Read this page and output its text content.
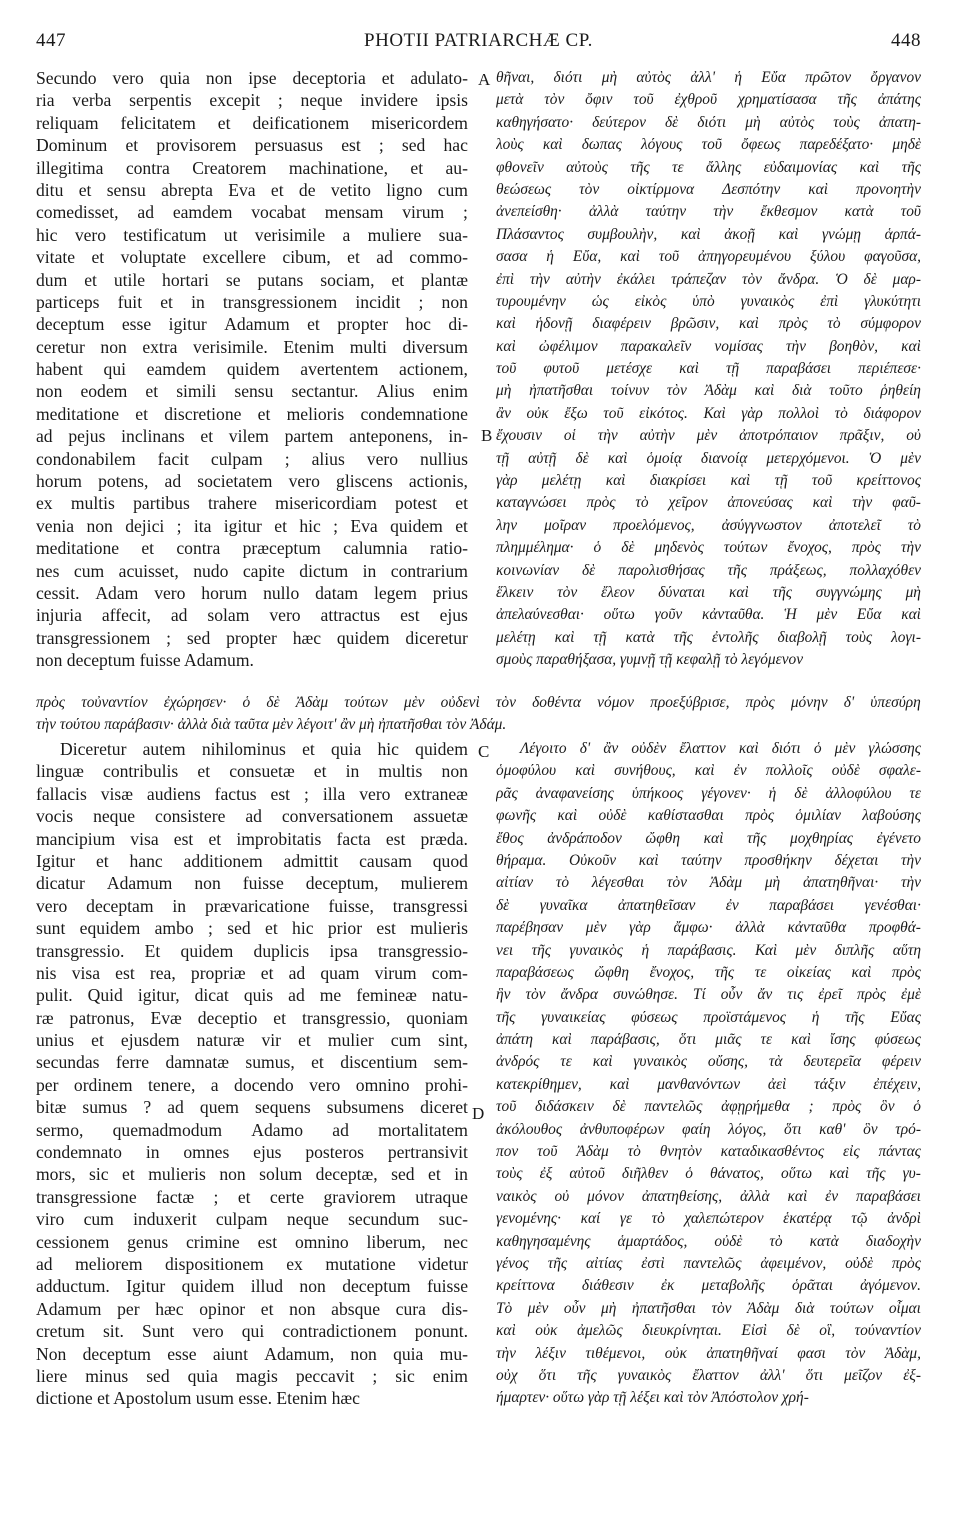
447	PHOTII PATRIARCHÆ CP.	448
A
B
C
D
Secundo vero quia non ipse deceptoria et adulato-
ria verba serpentis excepit ; neque invidere ipsis
reliquam felicitatem et deificationem misericordem
Dominum et provisorem persuasus est ; sed hac
illegitima contra Creatorem machinatione, et au-
ditu et sensu abrepta Eva et de vetito ligno cum
comedisset, ad eamdem vocabat mensam virum ;
hic vero testificatum ut verisimile a muliere sua-
vitate et voluptate excellere cibum, et ad commo-
dum et utile hortari se putans sociam, et plantæ
particeps fuit et in transgressionem incidit ; non
deceptum esse igitur Adamum et propter hoc di-
ceretur non extra verisimile. Etenim multi diversum
habent qui eamdem quidem avertentem actionem,
non eodem et simili sensu sectantur. Alius enim
meditatione et discretione et melioris condemnatione
ad pejus inclinans et vilem partem anteponens, in-
condonabilem facit culpam ; alius vero nullius
horum potens, ad societatem vero gliscens actionis,
ex multis partibus trahere misericordiam potest et
venia non dejici ; ita igitur et hic ; Eva quidem et
meditatione et contra præceptum calumnia ratio-
nes cum acuisset, nudo capite dictum in contrarium
cessit. Adam vero horum nullo datam legem prius
injuria affecit, ad solam vero attractus est ejus
transgressionem ; sed propter hæc quidem diceretur
non deceptum fuisse Adamum.
θῆναι, διότι μὴ αὐτὸς ἀλλ' ἡ Εὔα πρῶτον ὄργανον
μετὰ τὸν ὄφιν τοῦ ἐχθροῦ χρηματίσασα τῆς ἀπάτης
καθηγήσατο· δεύτερον δὲ διότι μὴ αὐτὸς τοὺς ἀπατη-
λοὺς καὶ δωπας λόγους τοῦ ὄφεως παρεδέξατο· μηδὲ
φθονεῖν αὐτοὺς τῆς τε ἄλλης εὐδαιμονίας καὶ τῆς
θεώσεως τὸν οἰκτίρμονα Δεσπότην καὶ προνοητὴν
ἀνεπείσθη· ἀλλὰ ταύτην τὴν ἔκθεσμον κατὰ τοῦ
Πλάσαντος συμβουλὴν, καὶ ἀκοῇ καὶ γνώμῃ ἁρπά-
σασα ἡ Εὔα, καὶ τοῦ ἀπηγορευμένου ξύλου φαγοῦσα,
ἐπὶ τὴν αὐτὴν ἐκάλει τράπεζαν τὸν ἄνδρα. Ὁ δὲ μαρ-
τυρουμένην ὡς εἰκὸς ὑπὸ γυναικὸς ἐπὶ γλυκύτητι
καὶ ἡδονῇ διαφέρειν βρῶσιν, καὶ πρὸς τὸ σύμφορον
καὶ ὠφέλιμον παρακαλεῖν νομίσας τὴν βοηθὸν, καὶ
τοῦ φυτοῦ μετέσχε καὶ τῇ παραβάσει περιέπεσε·
μὴ ἠπατῆσθαι τοίνυν τὸν Ἀδὰμ καὶ διὰ τοῦτο ῥηθείη
ἂν οὐκ ἔξω τοῦ εἰκότος. Καὶ γὰρ πολλοὶ τὸ διάφορον
ἔχουσιν οἱ τὴν αὐτὴν μὲν ἀποτρόπαιον πρᾶξιν, οὐ
τῇ αὐτῇ δὲ καὶ ὁμοίᾳ διανοίᾳ μετερχόμενοι. Ὁ μὲν
γὰρ μελέτῃ καὶ διακρίσει καὶ τῇ τοῦ κρείττονος
καταγνώσει πρὸς τὸ χεῖρον ἀπονεύσας καὶ τὴν φαῦ-
λην μοῖραν προελόμενος, ἀσύγγνωστον ἀποτελεῖ τὸ
πλημμέλημα· ὁ δὲ μηδενὸς τούτων ἔνοχος, πρὸς τὴν
κοινωνίαν δὲ παρολισθήσας τῆς πράξεως, πολλαχόθεν
ἕλκειν τὸν ἔλεον δύναται καὶ τῆς συγγνώμης μὴ
ἀπελαύνεσθαι· οὕτω γοῦν κἀνταῦθα. Ἡ μὲν Εὔα καὶ
μελέτῃ καὶ τῇ κατὰ τῆς ἐντολῆς διαβολῇ τοὺς λογι-
σμοὺς παραθήξασα, γυμνῇ τῇ κεφαλῇ τὸ λεγόμενον
πρὸς τοὐναντίον ἐχώρησεν· ὁ δὲ Ἀδὰμ τούτων μὲν οὐδενὶ τὸν δοθέντα νόμον προεξύβρισε, πρὸς μόνην δ' ὑπεσύρη
τὴν τούτου παράβασιν· ἀλλὰ διὰ ταῦτα μὲν λέγοιτ' ἂν μὴ ἠπατῆσθαι τὸν Ἀδάμ.
Diceretur autem nihilominus et quia hic quidem
linguæ contribulis et consuetæ et in multis non
fallacis visæ audiens factus est ; illa vero extraneæ
vocis neque consistere ad conversationem assuetæ
mancipium visa est et improbitatis facta est præda.
Igitur et hanc additionem admittit causam quod
dicatur Adamum non fuisse deceptum, mulierem
vero deceptam in prævaricatione fuisse, transgressi
sunt equidem ambo ; sed et hic prior est mulieris
transgressio. Et quidem duplicis ipsa transgressio-
nis visa est rea, propriæ et ad quam virum com-
pulit. Quid igitur, dicat quis ad me femineæ natu-
ræ patronus, Evæ deceptio et transgressio, quoniam
unius et ejusdem naturæ vir et mulier cum sint,
secundas ferre damnatæ sumus, et discentium sem-
per ordinem tenere, a docendo vero omnino prohi-
bitæ sumus ? ad quem sequens subsumens diceret
sermo, quemadmodum Adamo ad mortalitatem
condemnato in omnes ejus posteros pertransivit
mors, sic et mulieris non solum deceptæ, sed et in
transgressione factæ ; et certe graviorem utraque
viro cum induxerit culpam neque secundum suc-
cessionem genus crimine est omnino liberum, nec
ad meliorem dispositionem ex mutatione videtur
adductum. Igitur quidem illud non deceptum fuisse
Adamum per hæc opinor et non absque cura dis-
cretum sit. Sunt vero qui contradictionem ponunt.
Non deceptum esse aiunt Adamum, non quia mu-
liere minus sed quia magis peccavit ; sic enim
dictione et Apostolum usum esse. Etenim hæc
Λέγοιτο δ' ἂν οὐδὲν ἔλαττον καὶ διότι ὁ μὲν γλώσσης
ὁμοφύλου καὶ συνήθους, καὶ ἐν πολλοῖς οὐδὲ σφαλε-
ρᾶς ἀναφανείσης ὑπήκοος γέγονεν· ἡ δὲ ἀλλοφύλου τε
φωνῆς καὶ οὐδὲ καθίστασθαι πρὸς ὁμιλίαν λαβούσης
ἔθος ἀνδράποδον ὤφθη καὶ τῆς μοχθηρίας ἐγένετο
θήραμα. Οὐκοῦν καὶ ταύτην προσθήκην δέχεται τὴν
αἰτίαν τὸ λέγεσθαι τὸν Ἀδὰμ μὴ ἀπατηθῆναι· τὴν
δὲ γυναῖκα ἀπατηθεῖσαν ἐν παραβάσει γενέσθαι·
παρέβησαν μὲν γὰρ ἄμφω· ἀλλὰ κἀνταῦθα προφθά-
νει τῆς γυναικὸς ἡ παράβασις. Καὶ μὲν διπλῆς αὕτη
παραβάσεως ὤφθη ἔνοχος, τῆς τε οἰκείας καὶ πρὸς
ἣν τὸν ἄνδρα συνώθησε. Τί οὖν ἄν τις ἐρεῖ πρὸς ἐμὲ
τῆς γυναικείας φύσεως προϊστάμενος ἡ τῆς Εὔας
ἀπάτη καὶ παράβασις, ὅτι μιᾶς τε καὶ ἴσης φύσεως
ἀνδρός τε καὶ γυναικὸς οὔσης, τὰ δευτερεῖα φέρειν
κατεκρίθημεν, καὶ μανθανόντων ἀεὶ τάξιν ἐπέχειν,
τοῦ διδάσκειν δὲ παντελῶς ἀφῃρήμεθα ; πρὸς ὃν ὁ
ἀκόλουθος ἀνθυποφέρων φαίη λόγος, ὅτι καθ' ὃν τρό-
πον τοῦ Ἀδὰμ τὸ θνητὸν καταδικασθέντος εἰς πάντας
τοὺς ἐξ αὐτοῦ διῆλθεν ὁ θάνατος, οὕτω καὶ τῆς γυ-
ναικὸς οὐ μόνον ἀπατηθείσης, ἀλλὰ καὶ ἐν παραβάσει
γενομένης· καί γε τὸ χαλεπώτερον ἑκατέρᾳ τῷ ἀνδρὶ
καθηγησαμένης ἁμαρτάδος, οὐδὲ τὸ κατὰ διαδοχὴν
γένος τῆς αἰτίας ἐστὶ παντελῶς ἀφειμένον, οὐδὲ πρὸς
κρείττονα διάθεσιν ἐκ μεταβολῆς ὁρᾶται ἀγόμενον.
Τὸ μὲν οὖν μὴ ἠπατῆσθαι τὸν Ἀδὰμ διὰ τούτων οἶμαι
καὶ οὐκ ἀμελῶς διευκρίνηται. Εἰσὶ δὲ οἳ, τούναντίον
τὴν λέξιν τιθέμενοι, οὐκ ἀπατηθῆναί φασι τὸν Ἀδὰμ,
οὐχ ὅτι τῆς γυναικὸς ἔλαττον ἀλλ' ὅτι μεῖζον ἐξ-
ήμαρτεν· οὕτω γὰρ τῇ λέξει καὶ τὸν Ἀπόστολον χρή-
